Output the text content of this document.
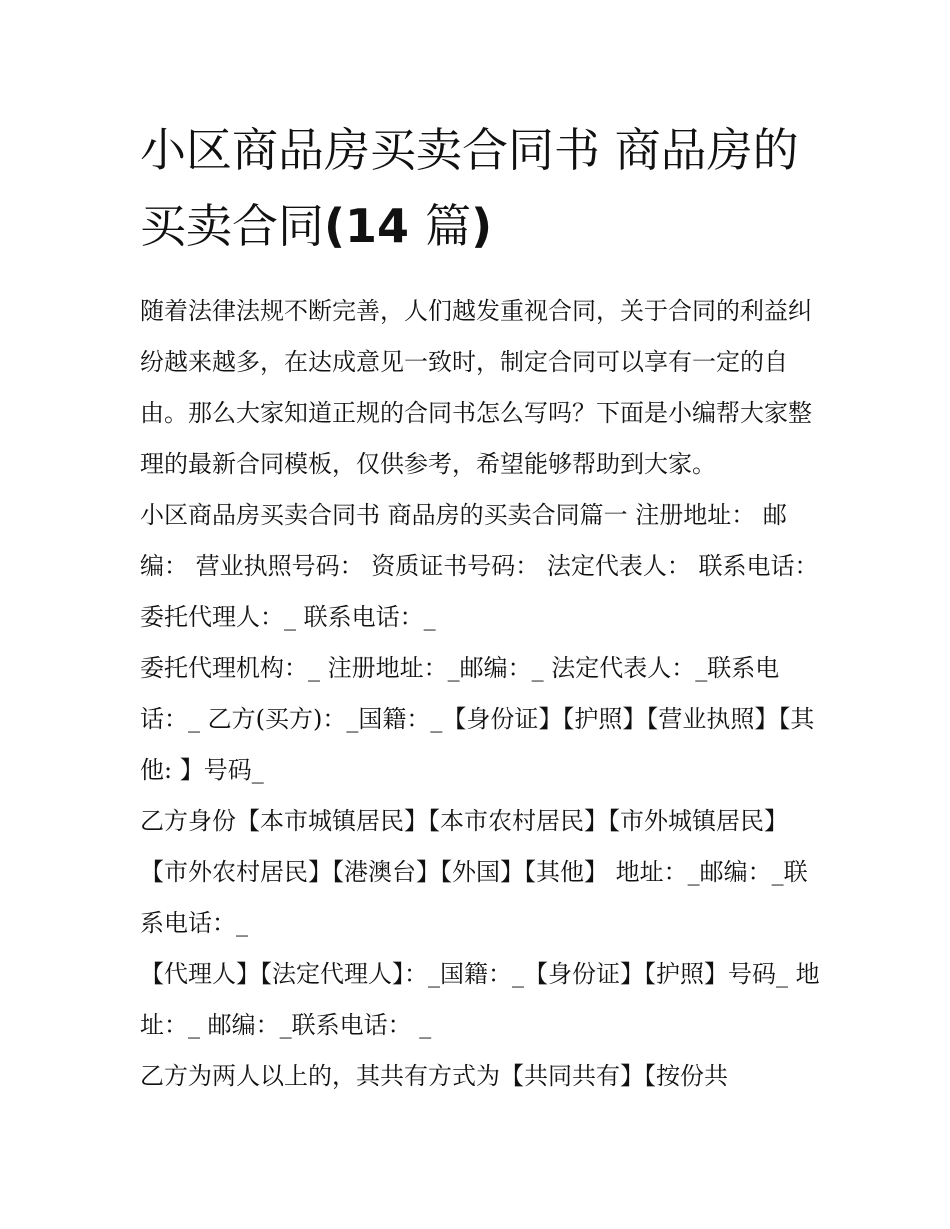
小区商品房买卖合同书 商品房的买卖合同(14 篇)

随着法律法规不断完善，人们越发重视合同，关于合同的利益纠纷越来越多，在达成意见一致时，制定合同可以享有一定的自由。那么大家知道正规的合同书怎么写吗？下面是小编帮大家整理的最新合同模板，仅供参考，希望能够帮助到大家。

小区商品房买卖合同书 商品房的买卖合同篇一 注册地址： 邮编： 营业执照号码： 资质证书号码： 法定代表人： 联系电话： 委托代理人：_ 联系电话：_

委托代理机构：_ 注册地址：_邮编：_ 法定代表人：_联系电话：_ 乙方(买方)：_国籍：_【身份证】【护照】【营业执照】【其他: 】号码_

乙方身份【本市城镇居民】【本市农村居民】【市外城镇居民】【市外农村居民】【港澳台】【外国】【其他】 地址：_邮编：_联系电话：_

【代理人】【法定代理人】：_国籍：_【身份证】【护照】号码_ 地址：_ 邮编：_联系电话： _

乙方为两人以上的，其共有方式为【共同共有】【按份共
